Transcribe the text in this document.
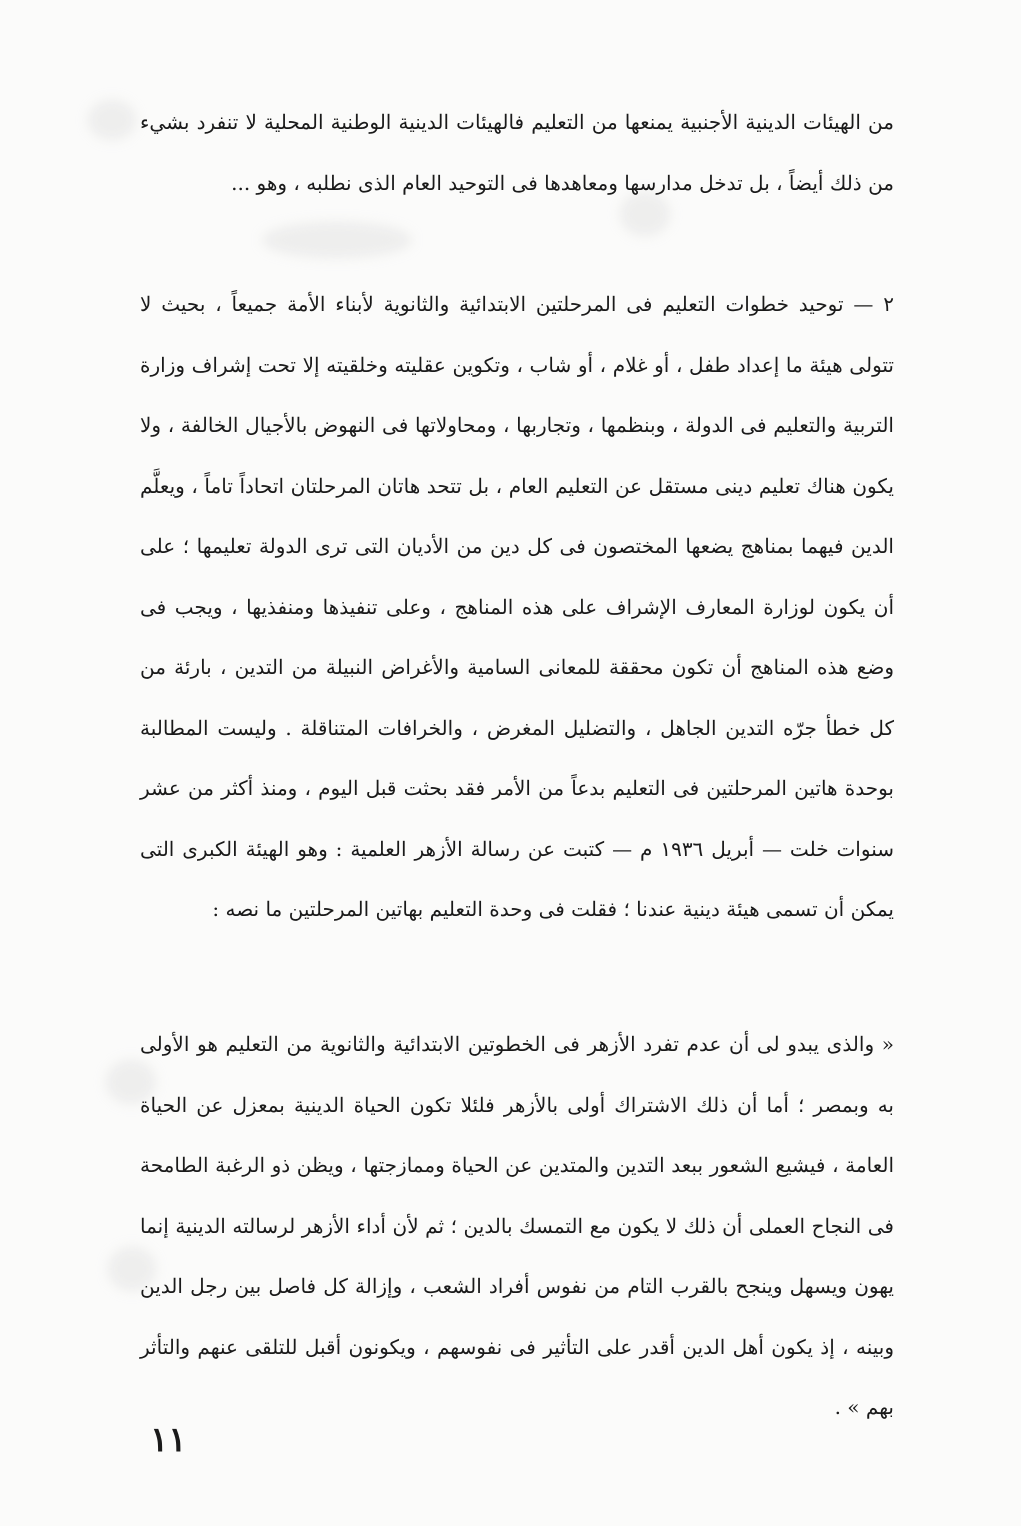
من الهيئات الدينية الأجنبية يمنعها من التعليم فالهيئات الدينية الوطنية المحلية لا تنفرد بشيء من ذلك أيضاً ، بل تدخل مدارسها ومعاهدها فى التوحيد العام الذى نطلبه ، وهو ...

٢ — توحيد خطوات التعليم فى المرحلتين الابتدائية والثانوية لأبناء الأمة جميعاً ، بحيث لا تتولى هيئة ما إعداد طفل ، أو غلام ، أو شاب ، وتكوين عقليته وخلقيته إلا تحت إشراف وزارة التربية والتعليم فى الدولة ، وبنظمها ، وتجاربها ، ومحاولاتها فى النهوض بالأجيال الخالفة ، ولا يكون هناك تعليم دينى مستقل عن التعليم العام ، بل تتحد هاتان المرحلتان اتحاداً تاماً ، ويعلَّم الدين فيهما بمناهج يضعها المختصون فى كل دين من الأديان التى ترى الدولة تعليمها ؛ على أن يكون لوزارة المعارف الإشراف على هذه المناهج ، وعلى تنفيذها ومنفذيها ، ويجب فى وضع هذه المناهج أن تكون محققة للمعانى السامية والأغراض النبيلة من التدين ، بارئة من كل خطأ جرّه التدين الجاهل ، والتضليل المغرض ، والخرافات المتناقلة . وليست المطالبة بوحدة هاتين المرحلتين فى التعليم بدعاً من الأمر فقد بحثت قبل اليوم ، ومنذ أكثر من عشر سنوات خلت — أبريل ١٩٣٦ م — كتبت عن رسالة الأزهر العلمية : وهو الهيئة الكبرى التى يمكن أن تسمى هيئة دينية عندنا ؛ فقلت فى وحدة التعليم بهاتين المرحلتين ما نصه :

« والذى يبدو لى أن عدم تفرد الأزهر فى الخطوتين الابتدائية والثانوية من التعليم هو الأولى به وبمصر ؛ أما أن ذلك الاشتراك أولى بالأزهر فلئلا تكون الحياة الدينية بمعزل عن الحياة العامة ، فيشيع الشعور ببعد التدين والمتدين عن الحياة وممازجتها ، ويظن ذو الرغبة الطامحة فى النجاح العملى أن ذلك لا يكون مع التمسك بالدين ؛ ثم لأن أداء الأزهر لرسالته الدينية إنما يهون ويسهل وينجح بالقرب التام من نفوس أفراد الشعب ، وإزالة كل فاصل بين رجل الدين وبينه ، إذ يكون أهل الدين أقدر على التأثير فى نفوسهم ، ويكونون أقبل للتلقى عنهم والتأثر بهم » .

١١
